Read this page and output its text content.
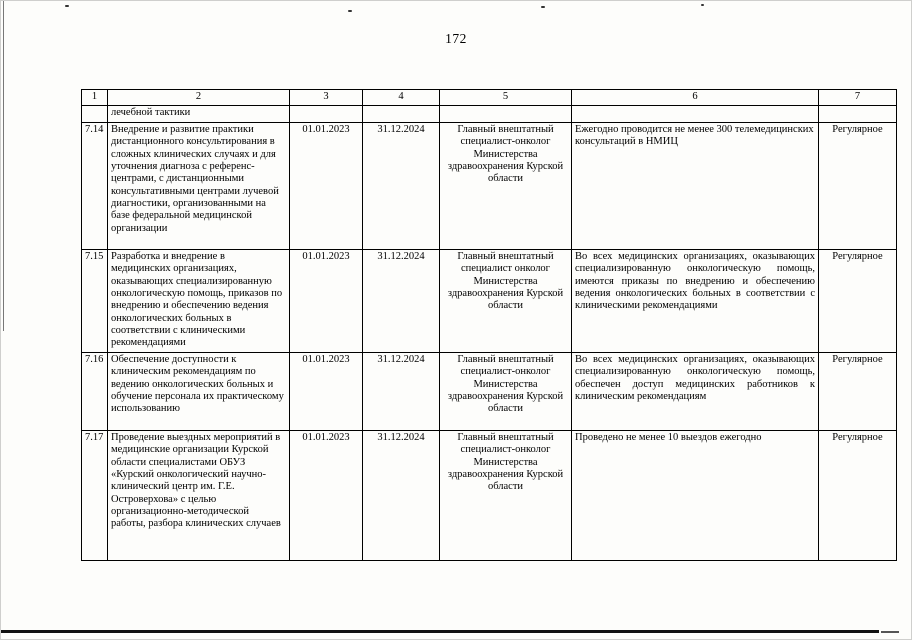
172
1	2	3	4	5	6	7
	лечебной тактики					
7.14	Внедрение и развитие практики дистанционного консультирования в сложных клинических случаях и для уточнения диагноза с референс-центрами, с дистанционными консультативными центрами лучевой диагностики, организованными на базе федеральной медицинской организации	01.01.2023	31.12.2024	Главный внештатный специалист-онколог Министерства здравоохранения Курской области	Ежегодно проводится не менее 300 телемедицинских консультаций в НМИЦ	Регулярное
7.15	Разработка и внедрение в медицинских организациях, оказывающих специализированную онкологическую помощь, приказов по внедрению и обеспечению ведения онкологических больных в соответствии с клиническими рекомендациями	01.01.2023	31.12.2024	Главный внештатный специалист онколог Министерства здравоохранения Курской области	Во всех медицинских организациях, оказывающих специализированную онкологическую помощь, имеются приказы по внедрению и обеспечению ведения онкологических больных в соответствии с клиническими рекомендациями	Регулярное
7.16	Обеспечение доступности к клиническим рекомендациям по ведению онкологических больных и обучение персонала их практическому использованию	01.01.2023	31.12.2024	Главный внештатный специалист-онколог Министерства здравоохранения Курской области	Во всех медицинских организациях, оказывающих специализированную онкологическую помощь, обеспечен доступ медицинских работников к клиническим рекомендациям	Регулярное
7.17	Проведение выездных мероприятий в медицинские организации Курской области специалистами ОБУЗ «Курский онкологический научно-клинический центр им. Г.Е. Островерхова» с целью организационно-методической работы, разбора клинических случаев	01.01.2023	31.12.2024	Главный внештатный специалист-онколог Министерства здравоохранения Курской области	Проведено не менее 10 выездов ежегодно	Регулярное
